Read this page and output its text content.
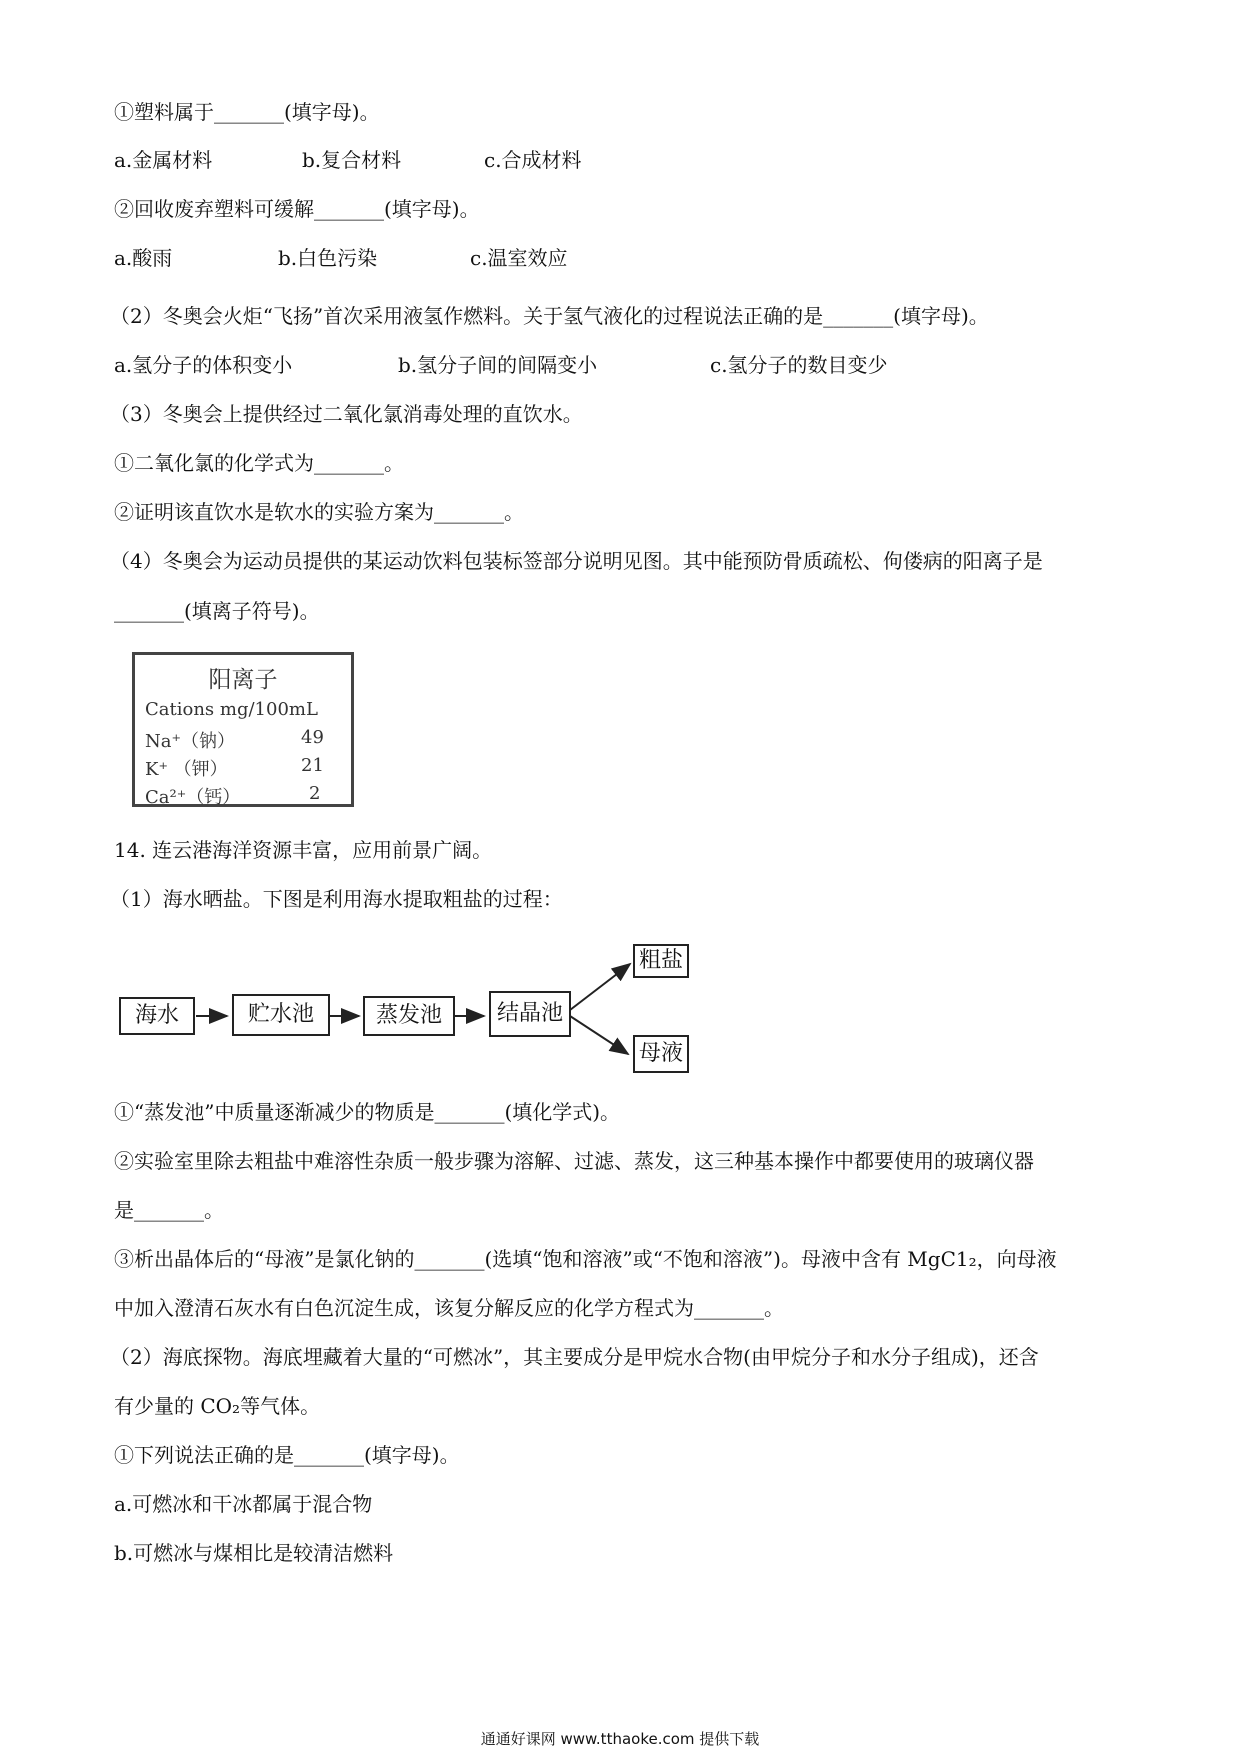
①塑料属于_______(填字母)。
a.金属材料	b.复合材料	c.合成材料
②回收废弃塑料可缓解_______(填字母)。
a.酸雨	b.白色污染	c.温室效应
（2）冬奥会火炬“飞扬”首次采用液氢作燃料。关于氢气液化的过程说法正确的是_______(填字母)。
a.氢分子的体积变小	b.氢分子间的间隔变小	c.氢分子的数目变少
（3）冬奥会上提供经过二氧化氯消毒处理的直饮水。
①二氧化氯的化学式为_______。
②证明该直饮水是软水的实验方案为_______。
（4）冬奥会为运动员提供的某运动饮料包装标签部分说明见图。其中能预防骨质疏松、佝偻病的阳离子是
_______(填离子符号)。
阳离子
Cations mg/100mL
Na⁺（钠）	49
K⁺ （钾）	21
Ca²⁺（钙）	2
14. 连云港海洋资源丰富，应用前景广阔。
（1）海水晒盐。下图是利用海水提取粗盐的过程：
海水	贮水池	蒸发池	结晶池
粗盐
母液
①“蒸发池”中质量逐渐减少的物质是_______(填化学式)。
②实验室里除去粗盐中难溶性杂质一般步骤为溶解、过滤、蒸发，这三种基本操作中都要使用的玻璃仪器
是_______。
③析出晶体后的“母液”是氯化钠的_______(选填“饱和溶液”或“不饱和溶液”)。母液中含有 MgC1₂，向母液
中加入澄清石灰水有白色沉淀生成，该复分解反应的化学方程式为_______。
（2）海底探物。海底埋藏着大量的“可燃冰”，其主要成分是甲烷水合物(由甲烷分子和水分子组成)，还含
有少量的 CO₂等气体。
①下列说法正确的是_______(填字母)。
a.可燃冰和干冰都属于混合物
b.可燃冰与煤相比是较清洁燃料
通通好课网 www.tthaoke.com 提供下载
